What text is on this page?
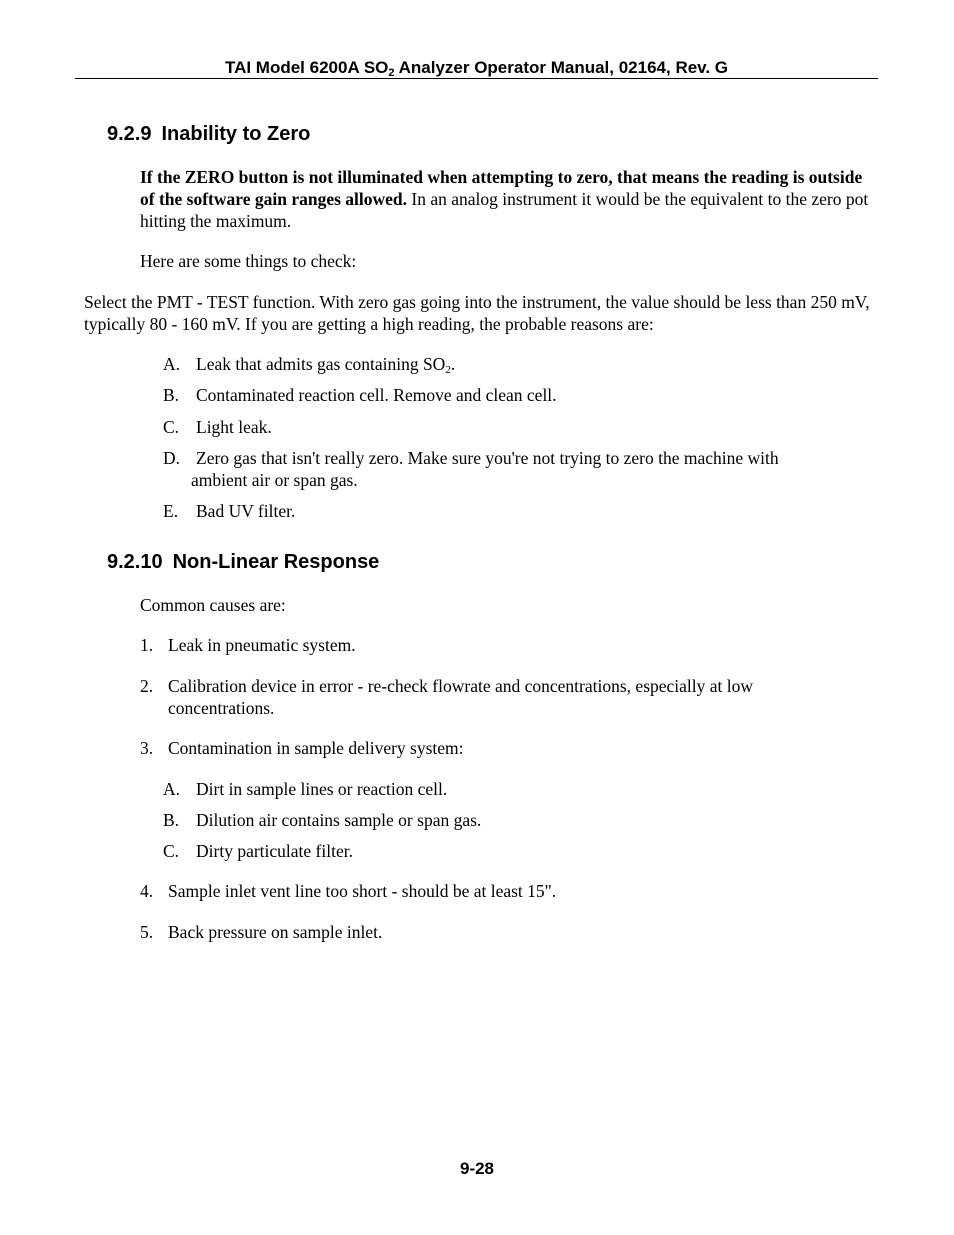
TAI Model 6200A $SO_2$ Analyzer Operator Manual, 02164, Rev. G
9.2.9 Inability to Zero
If the ZERO button is not illuminated when attempting to zero, that means the reading is outside of the software gain ranges allowed. In an analog instrument it would be the equivalent to the zero pot hitting the maximum.
Here are some things to check:
Select the PMT - TEST function. With zero gas going into the instrument, the value should be less than 250 mV, typically 80 - 160 mV. If you are getting a high reading, the probable reasons are:
A. Leak that admits gas containing $SO_2$.
B. Contaminated reaction cell. Remove and clean cell.
C. Light leak.
D. Zero gas that isn't really zero. Make sure you're not trying to zero the machine with
ambient air or span gas.
E. Bad UV filter.
9.2.10 Non-Linear Response
Common causes are:
1. Leak in pneumatic system.
2. Calibration device in error - re-check flowrate and concentrations, especially at low
concentrations.
3. Contamination in sample delivery system:
A. Dirt in sample lines or reaction cell.
B. Dilution air contains sample or span gas.
C. Dirty particulate filter.
4. Sample inlet vent line too short - should be at least 15".
5. Back pressure on sample inlet.
9-28
